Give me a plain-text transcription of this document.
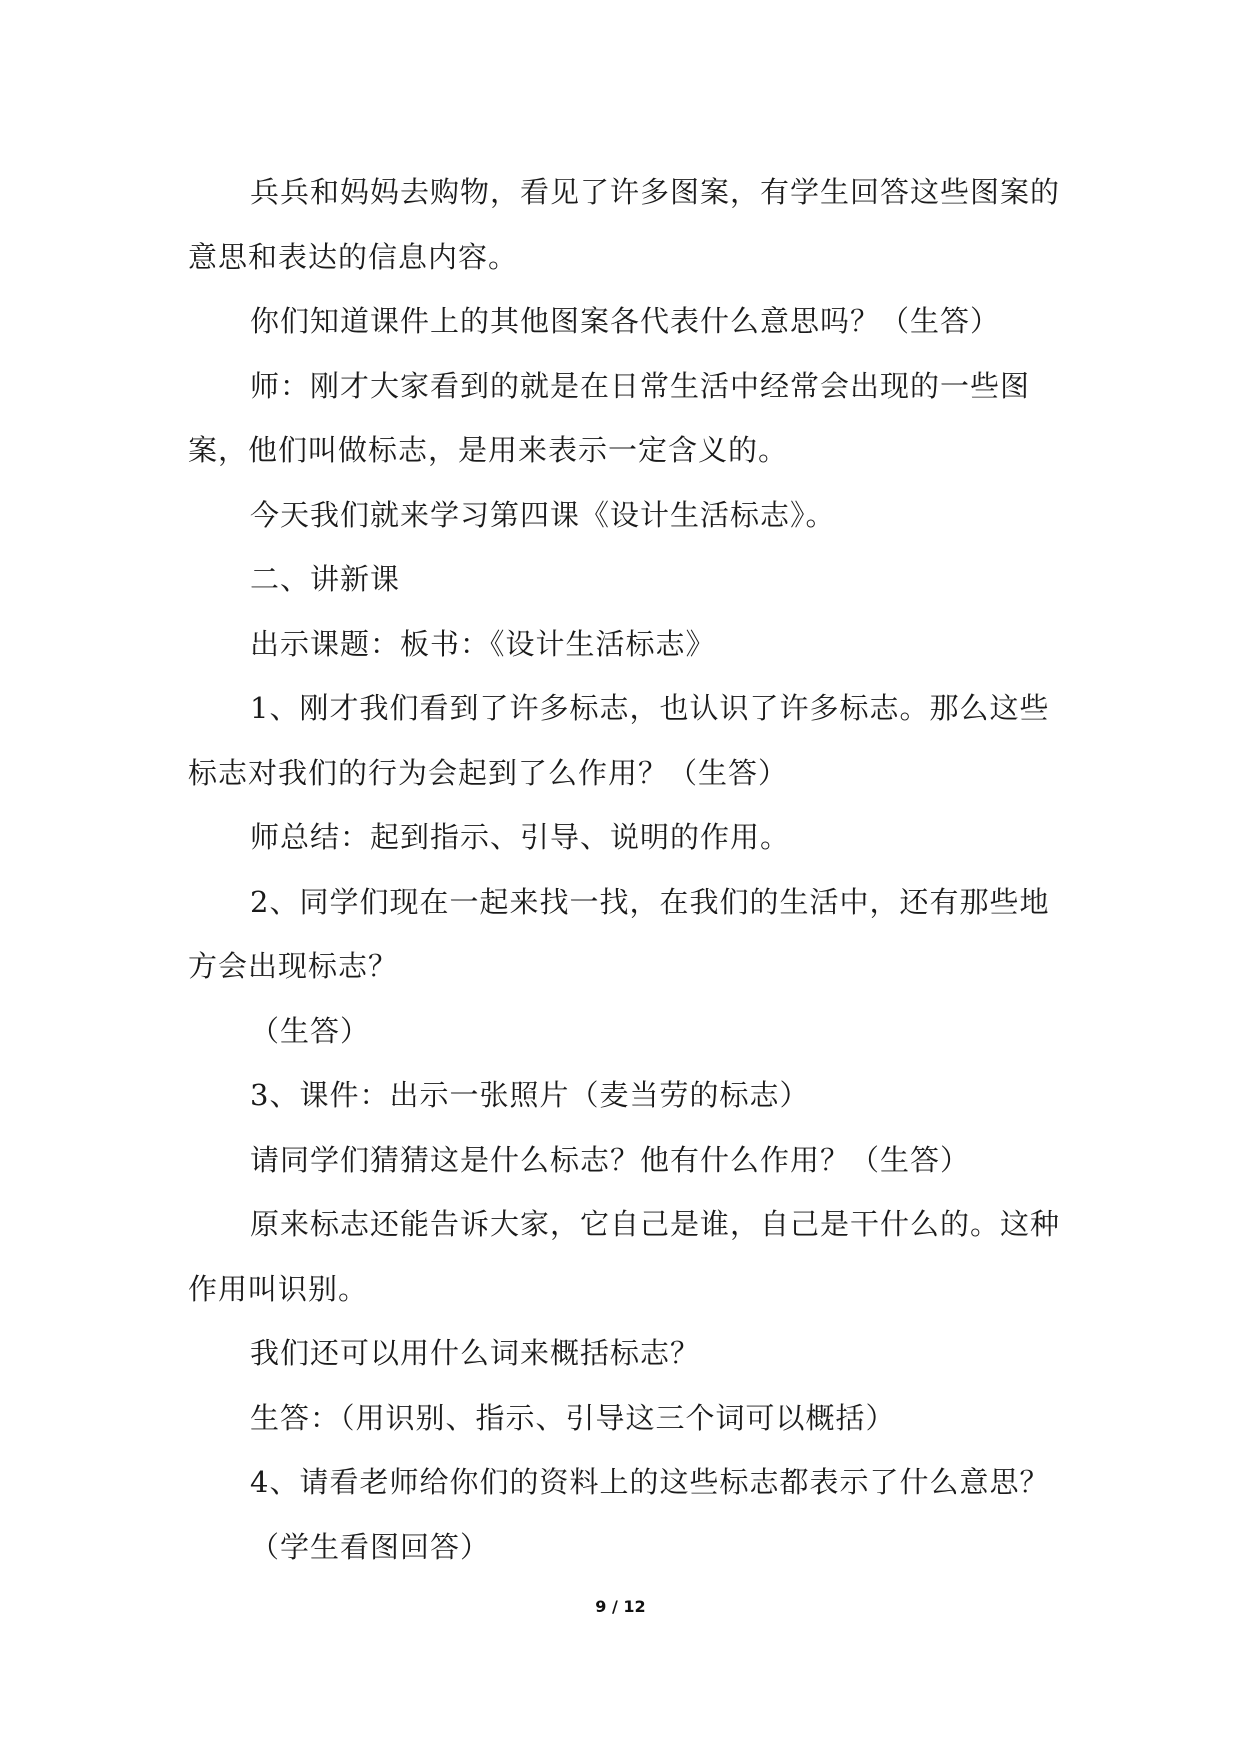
兵兵和妈妈去购物，看见了许多图案，有学生回答这些图案的意思和表达的信息内容。

你们知道课件上的其他图案各代表什么意思吗？（生答）

师：刚才大家看到的就是在日常生活中经常会出现的一些图案，他们叫做标志，是用来表示一定含义的。

今天我们就来学习第四课《设计生活标志》。

二、讲新课

出示课题：板书：《设计生活标志》

1、刚才我们看到了许多标志，也认识了许多标志。那么这些标志对我们的行为会起到了么作用？（生答）

师总结：起到指示、引导、说明的作用。

2、同学们现在一起来找一找，在我们的生活中，还有那些地方会出现标志？

（生答）

3、课件：出示一张照片（麦当劳的标志）

请同学们猜猜这是什么标志？他有什么作用？（生答）

原来标志还能告诉大家，它自己是谁，自己是干什么的。这种作用叫识别。

我们还可以用什么词来概括标志？

生答：（用识别、指示、引导这三个词可以概括）

4、请看老师给你们的资料上的这些标志都表示了什么意思？

（学生看图回答）

9 / 12
